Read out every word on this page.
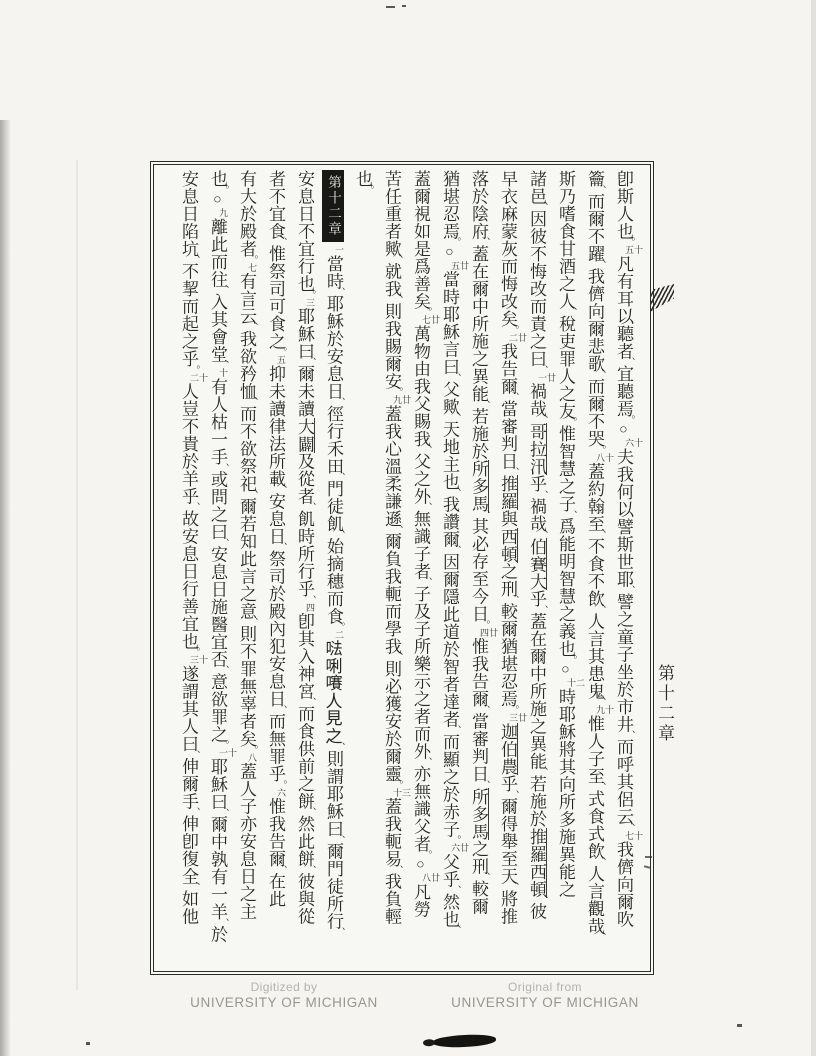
卽斯人也。十五凡有耳以聽者、宜聽焉。○十六夫我何以譬斯世耶、譬之童子坐於市井、而呼其侶云、十七我儕向爾吹
籥、而爾不躍、我儕向爾悲歌、而爾不哭。十八蓋約翰至、不食不飲、人言其患鬼、十九惟人子至、式食式飲、人言觀哉、
斯乃嗜食甘酒之人、稅吏罪人之友。惟智慧之子、爲能明智慧之義也。○二十時耶穌將其向所多施異能之
諸邑、因彼不悔改而責之曰、廿一禍哉、哥拉汛乎、禍哉、伯賽大乎、蓋在爾中所施之異能、若施於推羅西頓、彼
早衣麻蒙灰而悔改矣。廿二我告爾、當審判日、推羅與西頓之刑、較爾猶堪忍焉。廿三迦伯農乎、爾得舉至天、將推
落於陰府、蓋在爾中所施之異能、若施於所多馬、其必存至今日。廿四惟我告爾、當審判日、所多馬之刑、較爾
猶堪忍焉。○廿五當時耶穌言曰、父歟、天地主也、我讚爾、因爾隱此道於智者達者、而顯之於赤子。廿六父乎、然也、
蓋爾視如是爲善矣。廿七萬物由我父賜我、父之外、無識子者、子及子所樂示之者而外、亦無識父者。○廿八凡勞
苦任重者歟、就我、則我賜爾安。廿九蓋我心溫柔謙遜、爾負我軛而學我、則必獲安於爾靈。三十蓋我軛易、我負輕
也。
第十二章一當時、耶穌於安息日、徑行禾田、門徒飢、始摘穗而食。二𠵽唎㘔人見之、則謂耶穌曰、爾門徒所行、
安息日不宜行也。三耶穌曰、爾未讀大闢及從者、飢時所行乎、四卽其入神宮、而食供前之餅、然此餅、彼與從
者不宜食、惟祭司可食之。五抑未讀律法所載、安息日、祭司於殿內犯安息日、而無罪乎。六惟我告爾、在此
有大於殿者。七有言云、我欲矜恤、而不欲祭祀、爾若知此言之意、則不罪無辜者矣。八蓋人子亦安息日之主
也。○九離此而往、入其會堂、十有人枯一手、或問之曰、安息日施醫宜否、意欲罪之。十一耶穌曰、爾中孰有一羊、於
安息日陷坑、不挈而起之乎。十二人豈不貴於羊乎、故安息日行善宜也。十三遂謂其人曰、伸爾手、伸卽復全、如他
第十二章
Digitized by
UNIVERSITY OF MICHIGAN
Original from
UNIVERSITY OF MICHIGAN
